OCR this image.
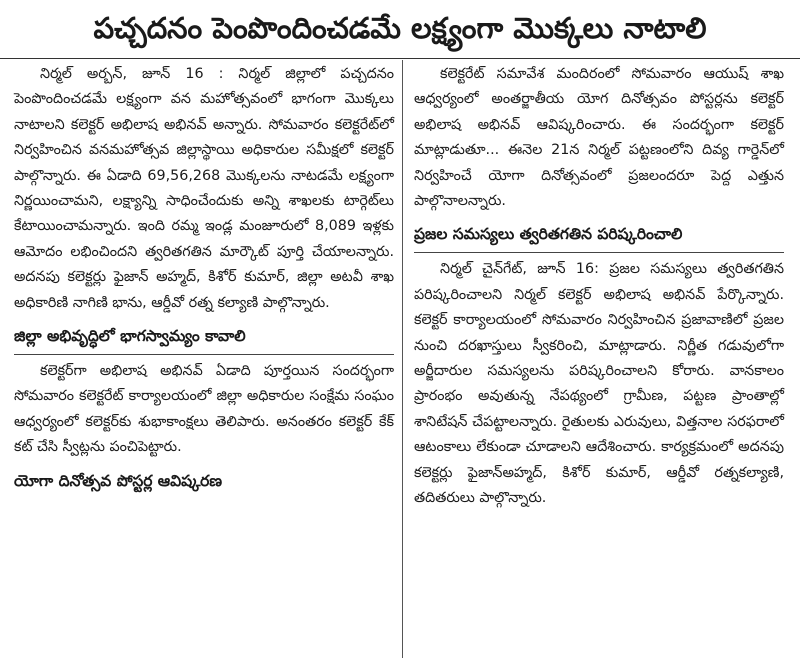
పచ్చదనం పెంపొందించడమే లక్ష్యంగా మొక్కలు నాటాలి

నిర్మల్ అర్బన్, జూన్ 16 : నిర్మల్ జిల్లాలో పచ్చదనం పెంపొందించడమే లక్ష్యంగా వన మహోత్సవంలో భాగంగా మొక్కలు నాటాలని కలెక్టర్ అభిలాష అభినవ్ అన్నారు. సోమవారం కలెక్టరేట్‌లో నిర్వహించిన వనమహోత్సవ జిల్లాస్థాయి అధికారుల సమీక్షలో కలెక్టర్ పాల్గొన్నారు. ఈ ఏడాది 69,56,268 మొక్కలను నాటడమే లక్ష్యంగా నిర్ణయించామని, లక్ష్యాన్ని సాధించేందుకు అన్ని శాఖలకు టార్గెట్‌లు కేటాయించామన్నారు. ఇంది రమ్మ ఇండ్ల మంజూరులో 8,089 ఇళ్లకు ఆమోదం లభించిందని త్వరితగతిన మార్కౌట్ పూర్తి చేయాలన్నారు. అదనపు కలెక్టర్లు ఫైజాన్ అహ్మద్, కిశోర్ కుమార్, జిల్లా అటవీ శాఖ అధికారిణి నాగిణి భాను, ఆర్డీవో రత్న కల్యాణి పాల్గొన్నారు.

జిల్లా అభివృద్ధిలో భాగస్వామ్యం కావాలి

కలెక్టర్‌గా అభిలాష అభినవ్ ఏడాది పూర్తయిన సందర్భంగా సోమవారం కలెక్టరేట్ కార్యాలయంలో జిల్లా అధికారుల సంక్షేమ సంఘం ఆధ్వర్యంలో కలెక్టర్‌కు శుభాకాంక్షలు తెలిపారు. అనంతరం కలెక్టర్ కేక్ కట్ చేసి స్వీట్లను పంచిపెట్టారు.

యోగా దినోత్సవ పోస్టర్ల ఆవిష్కరణ

కలెక్టరేట్ సమావేశ మందిరంలో సోమవారం ఆయుష్ శాఖ ఆధ్వర్యంలో అంతర్జాతీయ యోగ దినోత్సవం పోస్టర్లను కలెక్టర్ అభిలాష అభినవ్ ఆవిష్కరించారు. ఈ సందర్భంగా కలెక్టర్ మాట్లాడుతూ... ఈనెల 21న నిర్మల్ పట్టణంలోని దివ్య గార్డెన్‌లో నిర్వహించే యోగా దినోత్సవంలో ప్రజలందరూ పెద్ద ఎత్తున పాల్గొనాలన్నారు.

ప్రజల సమస్యలు త్వరితగతిన పరిష్కరించాలి

నిర్మల్ చైన్‌గేట్, జూన్ 16: ప్రజల సమస్యలు త్వరితగతిన పరిష్కరించాలని నిర్మల్ కలెక్టర్ అభిలాష అభినవ్ పేర్కొన్నారు. కలెక్టర్ కార్యాలయంలో సోమవారం నిర్వహించిన ప్రజావాణిలో ప్రజల నుంచి దరఖాస్తులు స్వీకరించి, మాట్లాడారు. నిర్ణీత గడువులోగా అర్జీదారుల సమస్యలను పరిష్కరించాలని కోరారు. వానకాలం ప్రారంభం అవుతున్న నేపథ్యంలో గ్రామీణ, పట్టణ ప్రాంతాల్లో శానిటేషన్ చేపట్టాలన్నారు. రైతులకు ఎరువులు, విత్తనాల సరఫరాలో ఆటంకాలు లేకుండా చూడాలని ఆదేశించారు. కార్యక్రమంలో అదనపు కలెక్టర్లు ఫైజాన్‌అహ్మద్, కిశోర్ కుమార్, ఆర్డీవో రత్నకల్యాణి, తదితరులు పాల్గొన్నారు.
